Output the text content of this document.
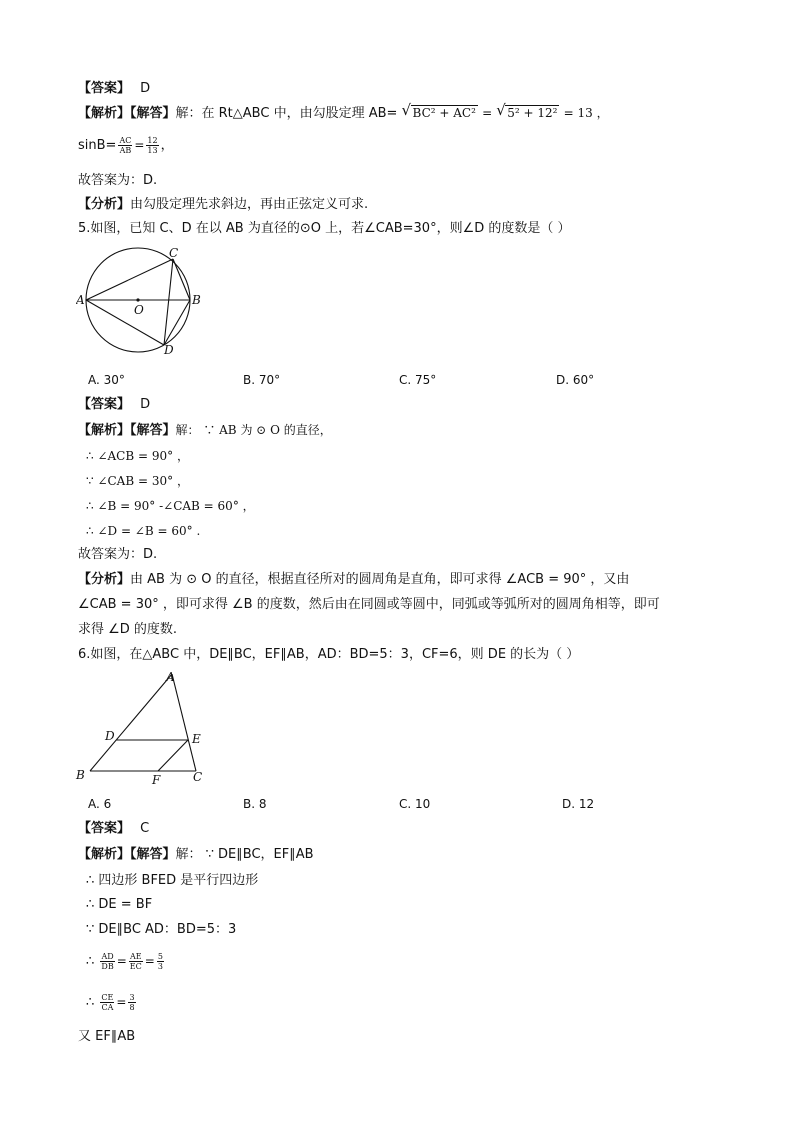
【答案】 D
【解析】【解答】解：在 Rt△ABC 中，由勾股定理 AB= √ BC² + AC² = √ 5² + 12² = 13 ，
$\sin B= \frac{AC}{AB} = \frac{12}{13}$ ，
故答案为：D.
【分析】由勾股定理先求斜边，再由正弦定义可求.
5.如图，已知 C、D 在以 AB 为直径的⊙O 上，若∠CAB=30°，则∠D 的度数是（ ）
A	B
C
D
O
A. 30°	B. 70°	C. 75°	D. 60°
【答案】 D
【解析】【解答】解： ∵ AB 为 ⊙ O 的直径，
∴ ∠ACB = 90° ，
∵ ∠CAB = 30° ，
∴ ∠B = 90° -∠CAB = 60° ，
∴ ∠D = ∠B = 60° .
故答案为：D.
【分析】由 AB 为 ⊙ O 的直径，根据直径所对的圆周角是直角，即可求得 ∠ACB = 90° ，又由
∠CAB = 30° ，即可求得 ∠B 的度数，然后由在同圆或等圆中，同弧或等弧所对的圆周角相等，即可
求得 ∠D 的度数.
6.如图，在△ABC 中，DE∥BC，EF∥AB，AD：BD=5：3，CF=6，则 DE 的长为（ ）
A
D	E
B	F	C
A. 6	B. 8	C. 10	D. 12
【答案】 C
【解析】【解答】解： ∵ DE∥BC，EF∥AB
∴ 四边形 BFED 是平行四边形
∴ DE = BF
∵ DE∥BC AD：BD=5：3
∴ $\frac{AD}{DB} = \frac{AE}{EC} = \frac{5}{3}$
∴ $\frac{CE}{CA} = \frac{3}{8}$
又 EF∥AB
